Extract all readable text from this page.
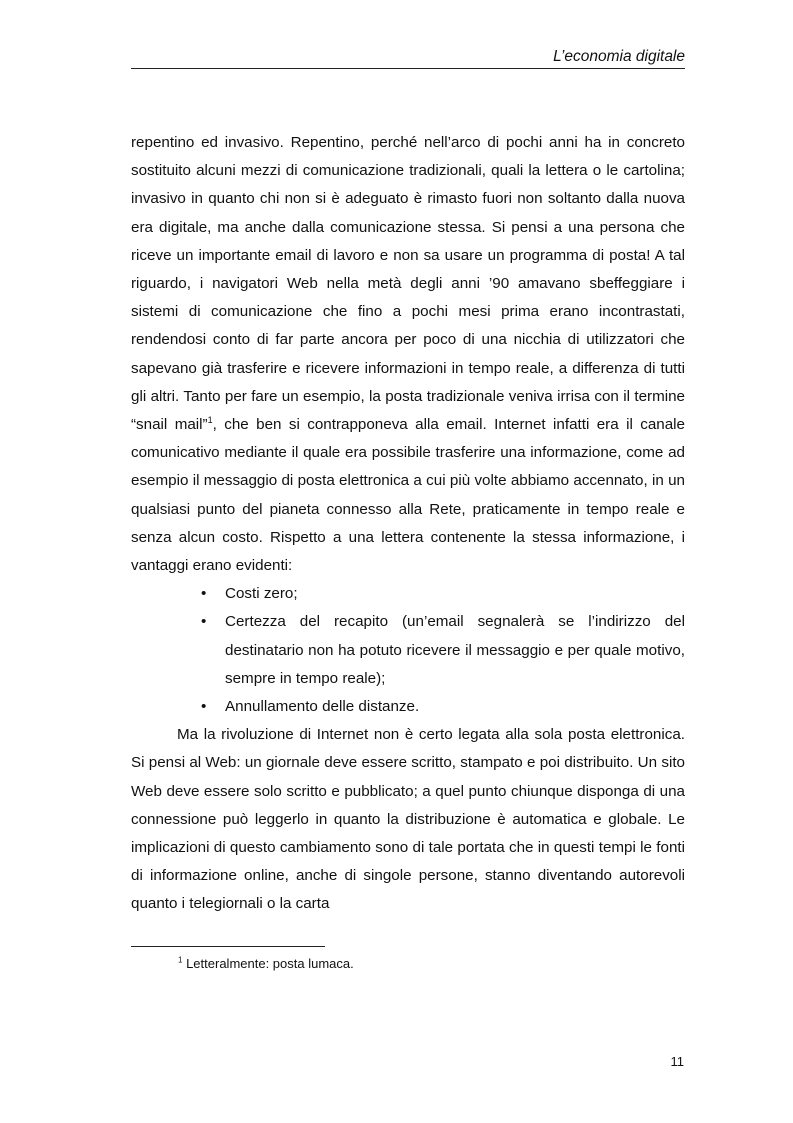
L’economia digitale

repentino ed invasivo. Repentino, perché nell’arco di pochi anni ha in concreto sostituito alcuni mezzi di comunicazione tradizionali, quali la lettera o le cartolina; invasivo in quanto chi non si è adeguato è rimasto fuori non soltanto dalla nuova era digitale, ma anche dalla comunicazione stessa. Si pensi a una persona che riceve un importante email di lavoro e non sa usare un programma di posta! A tal riguardo, i navigatori Web nella metà degli anni ’90 amavano sbeffeggiare i sistemi di comunicazione che fino a pochi mesi prima erano incontrastati, rendendosi conto di far parte ancora per poco di una nicchia di utilizzatori che sapevano già trasferire e ricevere informazioni in tempo reale, a differenza di tutti gli altri. Tanto per fare un esempio, la posta tradizionale veniva irrisa con il termine “snail mail”$^1$, che ben si contrapponeva alla email. Internet infatti era il canale comunicativo mediante il quale era possibile trasferire una informazione, come ad esempio il messaggio di posta elettronica a cui più volte abbiamo accennato, in un qualsiasi punto del pianeta connesso alla Rete, praticamente in tempo reale e senza alcun costo. Rispetto a una lettera contenente la stessa informazione, i vantaggi erano evidenti:

• Costi zero;
• Certezza del recapito (un’email segnalerà se l’indirizzo del destinatario non ha potuto ricevere il messaggio e per quale motivo, sempre in tempo reale);
• Annullamento delle distanze.

Ma la rivoluzione di Internet non è certo legata alla sola posta elettronica. Si pensi al Web: un giornale deve essere scritto, stampato e poi distribuito. Un sito Web deve essere solo scritto e pubblicato; a quel punto chiunque disponga di una connessione può leggerlo in quanto la distribuzione è automatica e globale. Le implicazioni di questo cambiamento sono di tale portata che in questi tempi le fonti di informazione online, anche di singole persone, stanno diventando autorevoli quanto i telegiornali o la carta

$^1$ Letteralmente: posta lumaca.
11
